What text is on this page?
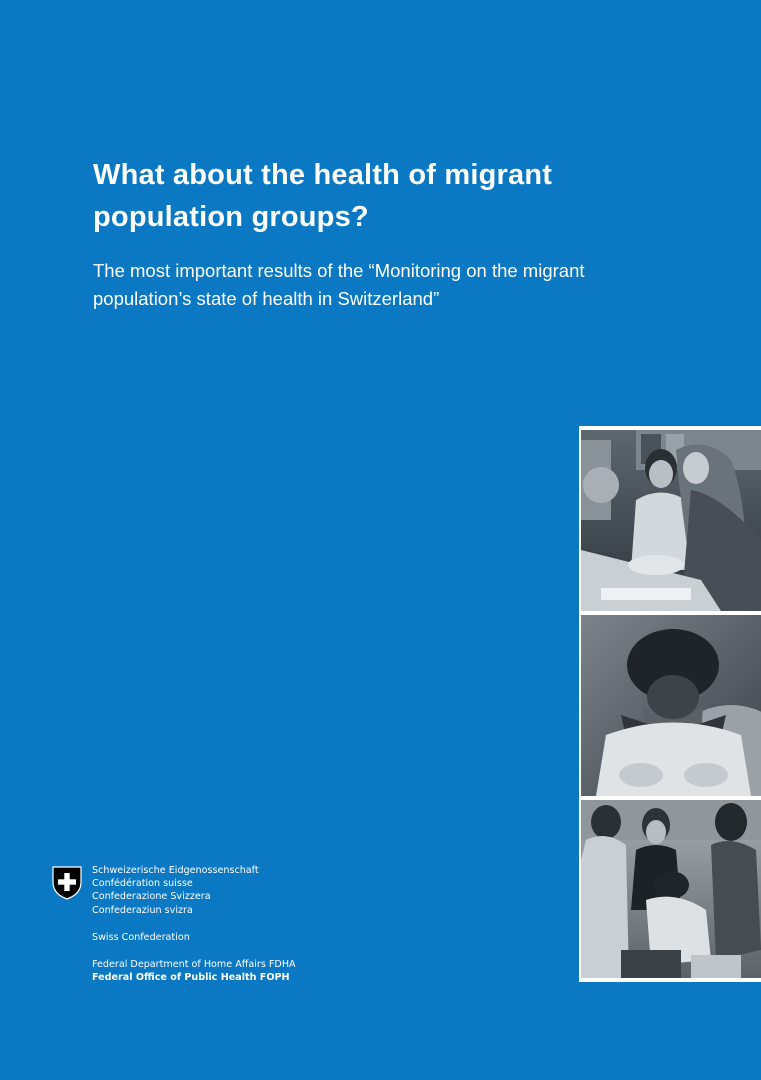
What about the health of migrant
population groups?

The most important results of the “Monitoring on the migrant
population’s state of health in Switzerland”

Schweizerische Eidgenossenschaft
Confédération suisse
Confederazione Svizzera
Confederaziun svizra
Swiss Confederation
Federal Department of Home Affairs FDHA
Federal Office of Public Health FOPH
